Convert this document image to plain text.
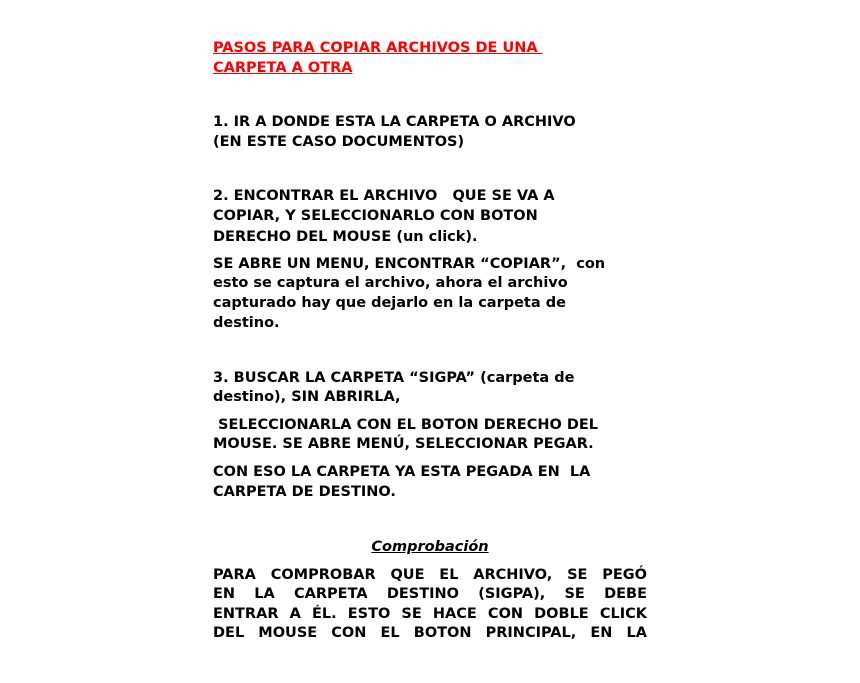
PASOS PARA COPIAR ARCHIVOS DE UNA
CARPETA A OTRA
1. IR A DONDE ESTA LA CARPETA O ARCHIVO
(EN ESTE CASO DOCUMENTOS)
2. ENCONTRAR EL ARCHIVO   QUE SE VA A
COPIAR, Y SELECCIONARLO CON BOTON
DERECHO DEL MOUSE (un click).
SE ABRE UN MENU, ENCONTRAR “COPIAR”,  con
esto se captura el archivo, ahora el archivo
capturado hay que dejarlo en la carpeta de
destino.
3. BUSCAR LA CARPETA “SIGPA” (carpeta de
destino), SIN ABRIRLA,
SELECCIONARLA CON EL BOTON DERECHO DEL
MOUSE. SE ABRE MENÚ, SELECCIONAR PEGAR.
CON ESO LA CARPETA YA ESTA PEGADA EN  LA
CARPETA DE DESTINO.
Comprobación
PARA COMPROBAR QUE EL ARCHIVO, SE PEGÓ
EN LA CARPETA DESTINO (SIGPA), SE DEBE
ENTRAR A ÉL. ESTO SE HACE CON DOBLE CLICK
DEL MOUSE CON EL BOTON PRINCIPAL, EN LA
